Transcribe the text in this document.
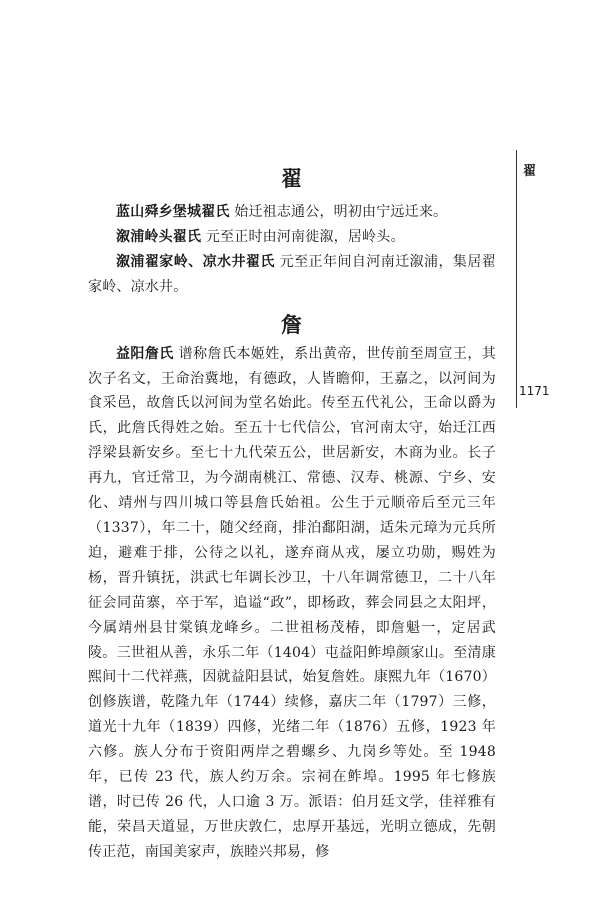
翟
1171
翟

蓝山舜乡堡城翟氏 始迁祖志通公，明初由宁远迁来。

溆浦岭头翟氏 元至正时由河南徙溆，居岭头。

溆浦翟家岭、凉水井翟氏 元至正年间自河南迁溆浦，集居翟家岭、凉水井。

詹

益阳詹氏 谱称詹氏本姬姓，系出黄帝，世传前至周宣王，其次子名文，王命治冀地，有德政，人皆瞻仰，王嘉之，以河间为食采邑，故詹氏以河间为堂名始此。传至五代礼公，王命以爵为氏，此詹氏得姓之始。至五十七代信公，官河南太守，始迁江西浮梁县新安乡。至七十九代荣五公，世居新安，木商为业。长子再九，官迁常卫，为今湖南桃江、常德、汉寿、桃源、宁乡、安化、靖州与四川城口等县詹氏始祖。公生于元顺帝后至元三年（1337），年二十，随父经商，排泊鄱阳湖，适朱元璋为元兵所迫，避难于排，公待之以礼，遂弃商从戎，屡立功勋，赐姓为杨，晋升镇抚，洪武七年调长沙卫，十八年调常德卫，二十八年征会同苗寨，卒于军，追谥“政”，即杨政，葬会同县之太阳坪，今属靖州县甘棠镇龙峰乡。二世祖杨茂椿，即詹魁一，定居武陵。三世祖从善，永乐二年（1404）屯益阳鲊埠颜家山。至清康熙间十二代祥燕，因就益阳县试，始复詹姓。康熙九年（1670）创修族谱，乾隆九年（1744）续修，嘉庆二年（1797）三修，道光十九年（1839）四修，光绪二年（1876）五修，1923 年六修。族人分布于资阳两岸之碧螺乡、九岗乡等处。至 1948 年，已传 23 代，族人约万余。宗祠在鲊埠。1995 年七修族谱，时已传 26 代，人口逾 3 万。派语：伯月廷文学，佳祥雅有能，荣昌天道显，万世庆敦仁，忠厚开基远，光明立德成，先朝传正范，南国美家声，族睦兴邦易，修
